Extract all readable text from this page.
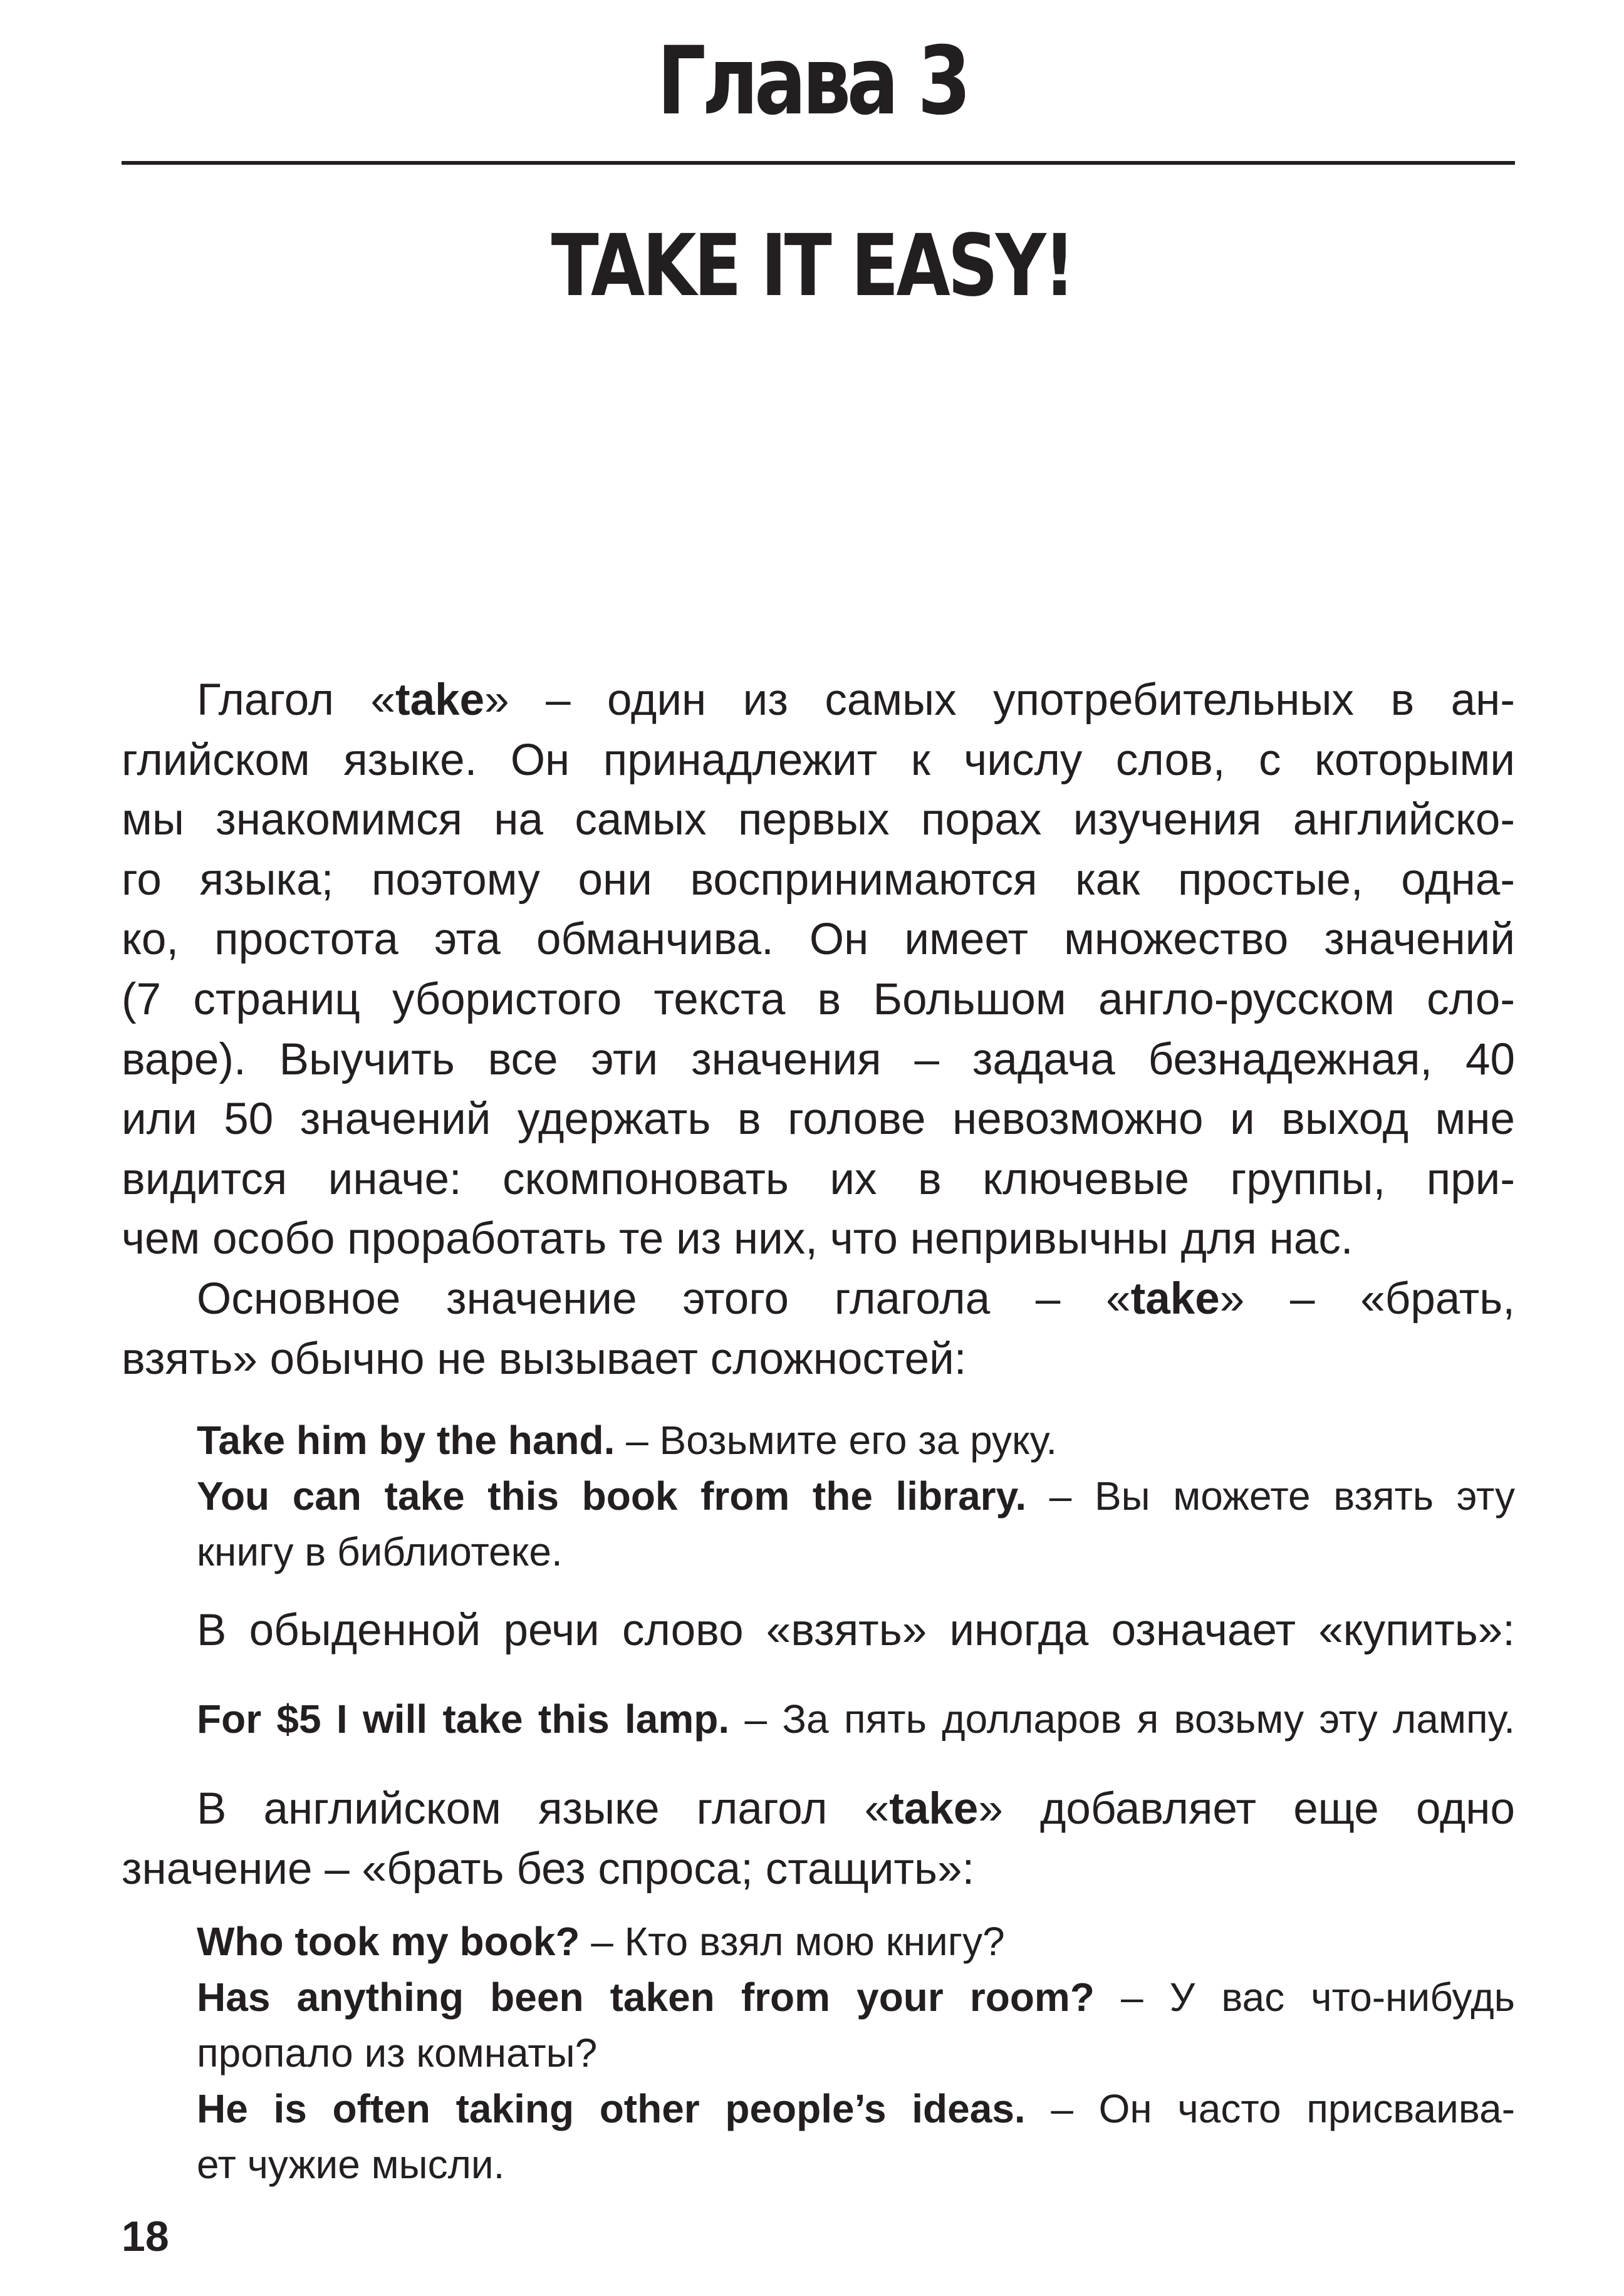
Глава 3
TAKE IT EASY!
Глагол «take» – один из самых употребительных в ан-
глийском языке. Он принадлежит к числу слов, с которыми
мы знакомимся на самых первых порах изучения английско-
го языка; поэтому они воспринимаются как простые, одна-
ко, простота эта обманчива. Он имеет множество значений
(7 страниц убористого текста в Большом англо-русском сло-
варе). Выучить все эти значения – задача безнадежная, 40
или 50 значений удержать в голове невозможно и выход мне
видится иначе: скомпоновать их в ключевые группы, при-
чем особо проработать те из них, что непривычны для нас.
Основное значение этого глагола – «take» – «брать,
взять» обычно не вызывает сложностей:
Take him by the hand. – Возьмите его за руку.
You can take this book from the library. – Вы можете взять эту
книгу в библиотеке.
В обыденной речи слово «взять» иногда означает «купить»:
For $5 I will take this lamp. – За пять долларов я возьму эту лампу.
В английском языке глагол «take» добавляет еще одно
значение – «брать без спроса; стащить»:
Who took my book? – Кто взял мою книгу?
Has anything been taken from your room? – У вас что-нибудь
пропало из комнаты?
He is often taking other people’s ideas. – Он часто присваива-
ет чужие мысли.
18
